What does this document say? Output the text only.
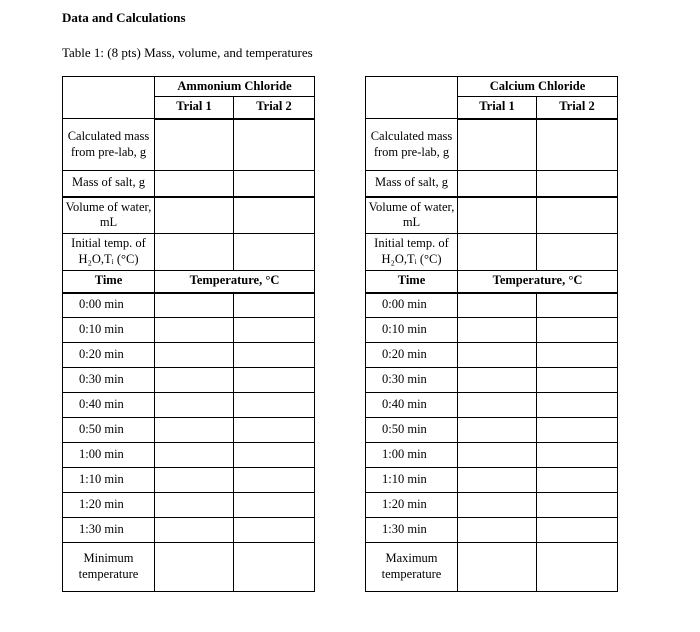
Data and Calculations
Table 1: (8 pts) Mass, volume, and temperatures
	Ammonium Chloride	
	Trial 1	Trial 2
Calculated mass from pre-lab, g		
Mass of salt, g		
Volume of water, mL		
Initial temp. of H₂O,Tᵢ (°C)		
Time	Temperature, °C	
0:00 min		
0:10 min		
0:20 min		
0:30 min		
0:40 min		
0:50 min		
1:00 min		
1:10 min		
1:20 min		
1:30 min		
Minimum temperature		
	Calcium Chloride	
	Trial 1	Trial 2
Calculated mass from pre-lab, g		
Mass of salt, g		
Volume of water, mL		
Initial temp. of H₂O,Tᵢ (°C)		
Time	Temperature, °C	
0:00 min		
0:10 min		
0:20 min		
0:30 min		
0:40 min		
0:50 min		
1:00 min		
1:10 min		
1:20 min		
1:30 min		
Maximum temperature		
